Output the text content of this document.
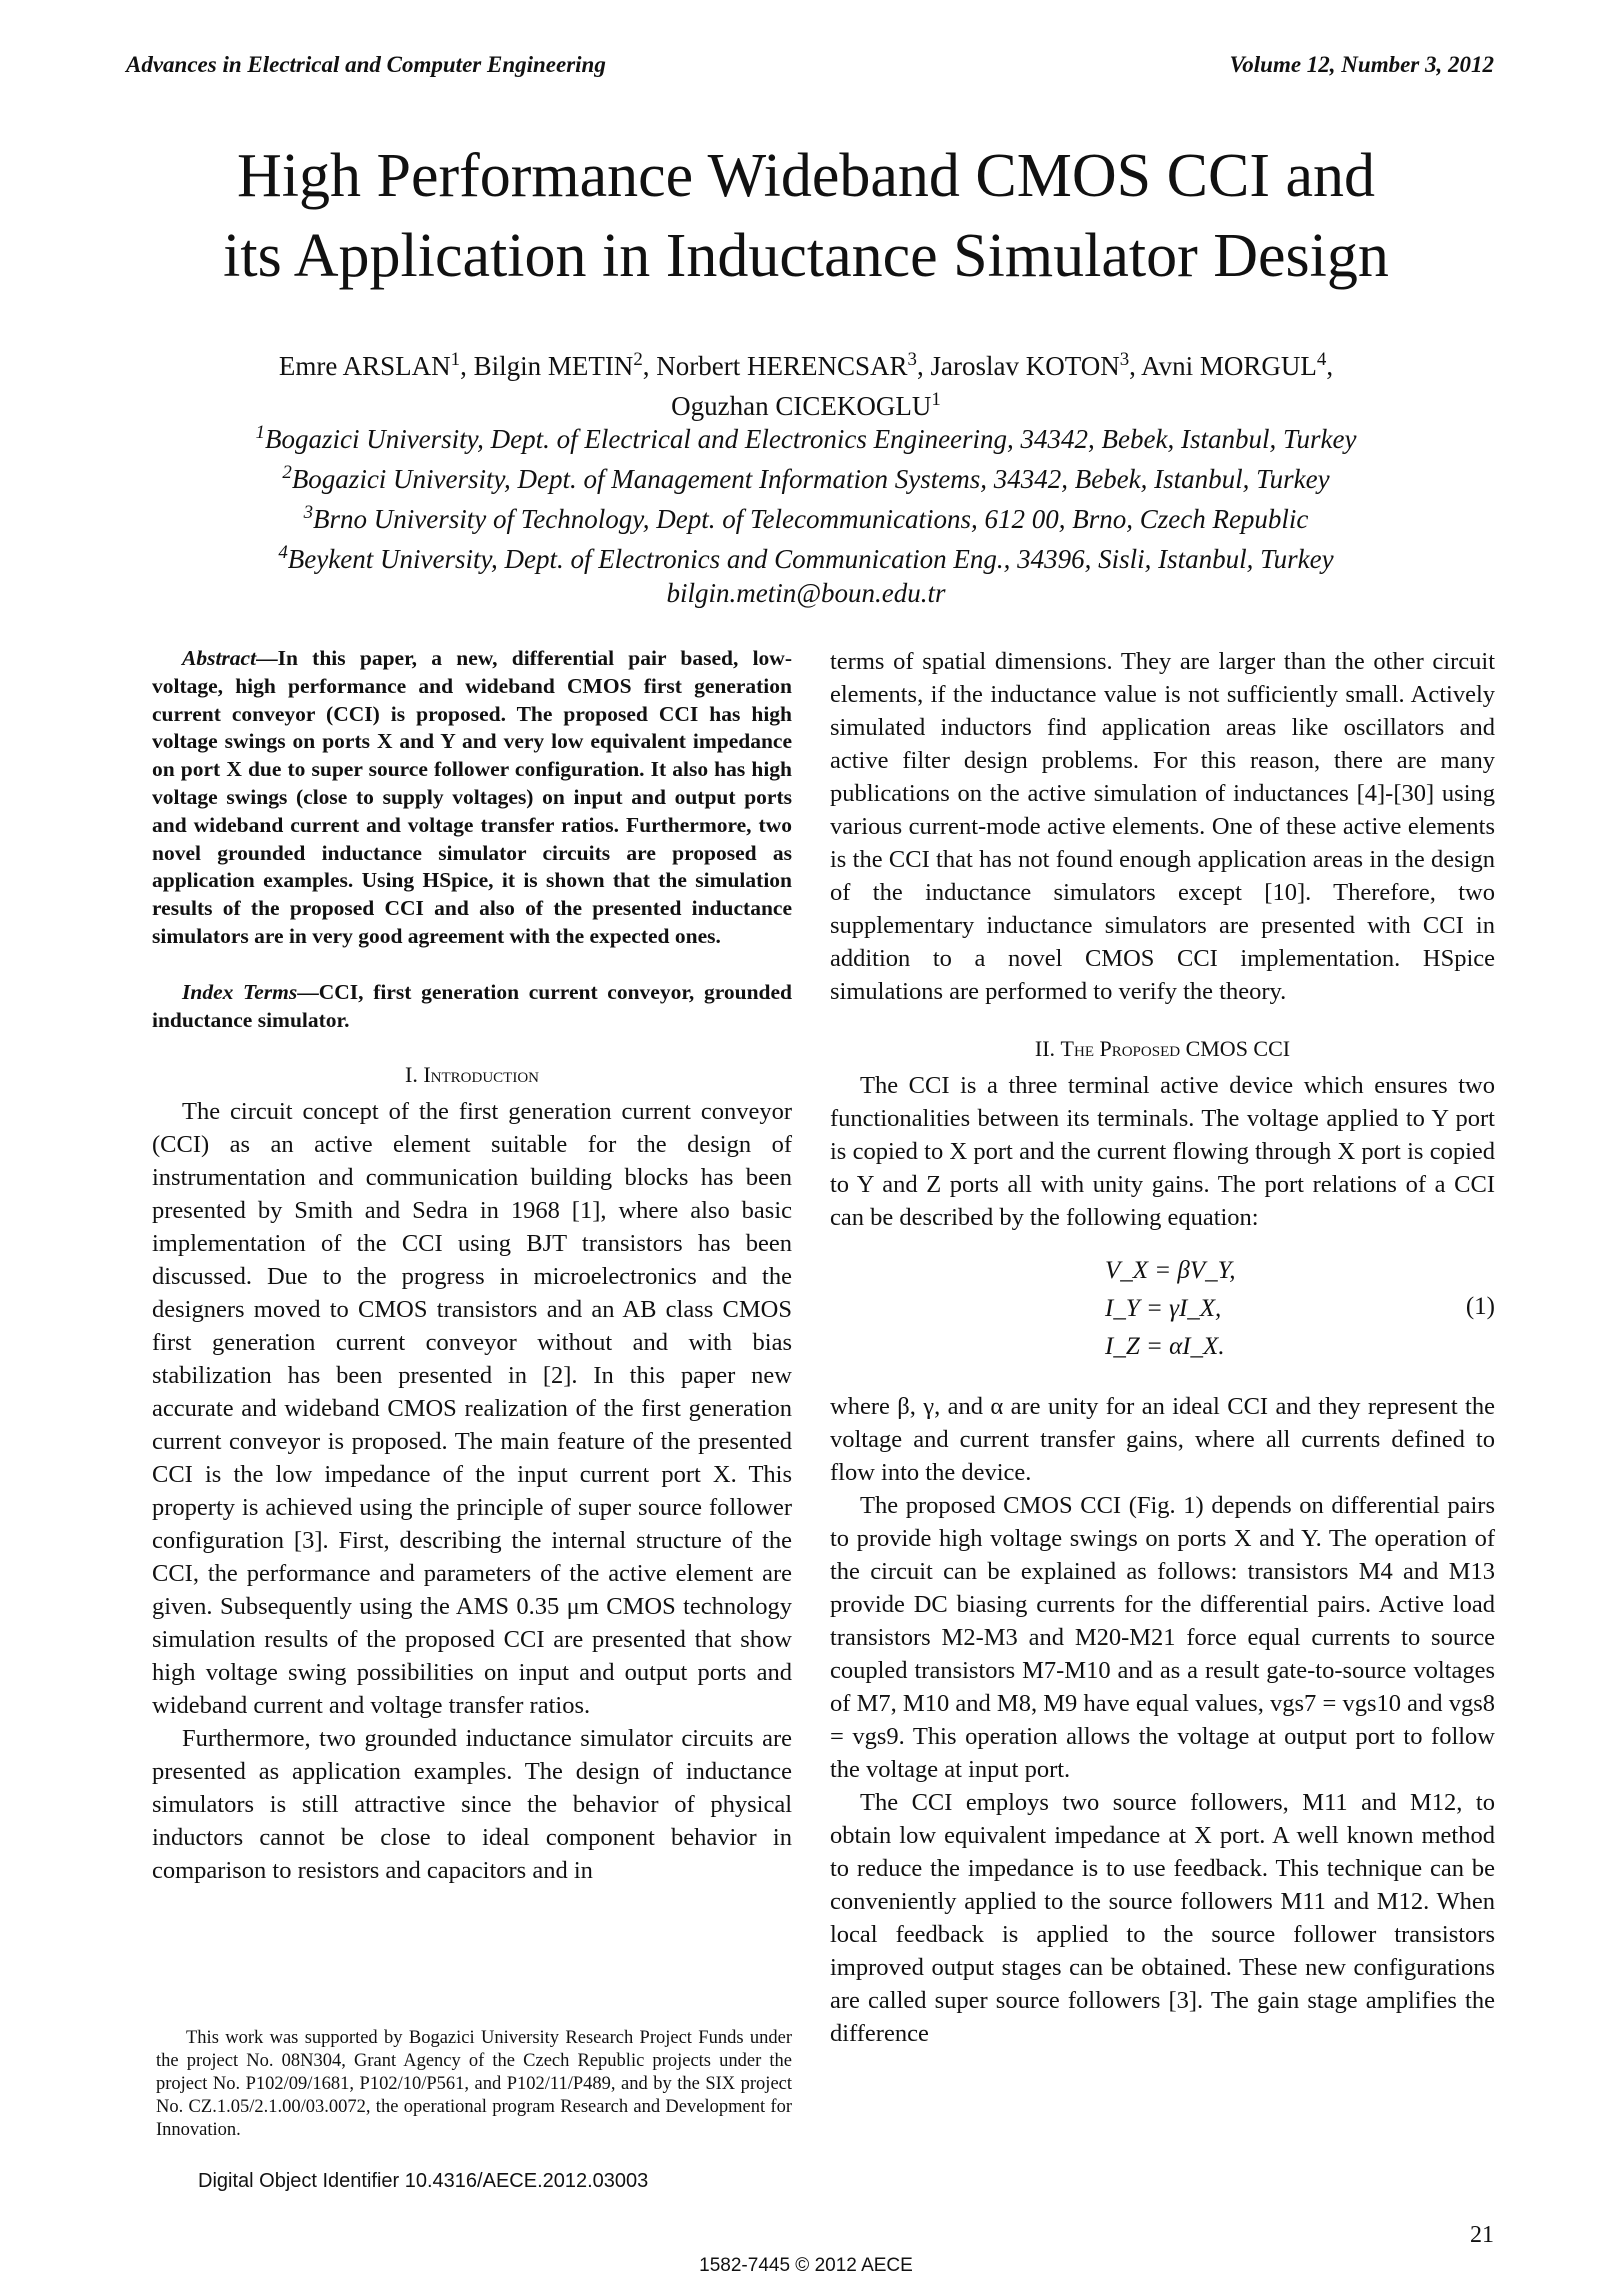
Advances in Electrical and Computer Engineering	Volume 12, Number 3, 2012
High Performance Wideband CMOS CCI and
its Application in Inductance Simulator Design
Emre ARSLAN$^1$, Bilgin METIN$^2$, Norbert HERENCSAR$^3$, Jaroslav KOTON$^3$, Avni MORGUL$^4$,
Oguzhan CICEKOGLU$^1$
$^1$Bogazici University, Dept. of Electrical and Electronics Engineering, 34342, Bebek, Istanbul, Turkey
$^2$Bogazici University, Dept. of Management Information Systems, 34342, Bebek, Istanbul, Turkey
$^3$Brno University of Technology, Dept. of Telecommunications, 612 00, Brno, Czech Republic
$^4$Beykent University, Dept. of Electronics and Communication Eng., 34396, Sisli, Istanbul, Turkey
bilgin.metin@boun.edu.tr

Abstract—In this paper, a new, differential pair based, low-voltage, high performance and wideband CMOS first generation current conveyor (CCI) is proposed. The proposed CCI has high voltage swings on ports X and Y and very low equivalent impedance on port X due to super source follower configuration. It also has high voltage swings (close to supply voltages) on input and output ports and wideband current and voltage transfer ratios. Furthermore, two novel grounded inductance simulator circuits are proposed as application examples. Using HSpice, it is shown that the simulation results of the proposed CCI and also of the presented inductance simulators are in very good agreement with the expected ones.

Index Terms—CCI, first generation current conveyor, grounded inductance simulator.

I. Introduction

The circuit concept of the first generation current conveyor (CCI) as an active element suitable for the design of instrumentation and communication building blocks has been presented by Smith and Sedra in 1968 [1], where also basic implementation of the CCI using BJT transistors has been discussed. Due to the progress in microelectronics and the designers moved to CMOS transistors and an AB class CMOS first generation current conveyor without and with bias stabilization has been presented in [2]. In this paper new accurate and wideband CMOS realization of the first generation current conveyor is proposed. The main feature of the presented CCI is the low impedance of the input current port X. This property is achieved using the principle of super source follower configuration [3]. First, describing the internal structure of the CCI, the performance and parameters of the active element are given. Subsequently using the AMS 0.35 μm CMOS technology simulation results of the proposed CCI are presented that show high voltage swing possibilities on input and output ports and wideband current and voltage transfer ratios.

Furthermore, two grounded inductance simulator circuits are presented as application examples. The design of inductance simulators is still attractive since the behavior of physical inductors cannot be close to ideal component behavior in comparison to resistors and capacitors and in

terms of spatial dimensions. They are larger than the other circuit elements, if the inductance value is not sufficiently small. Actively simulated inductors find application areas like oscillators and active filter design problems. For this reason, there are many publications on the active simulation of inductances [4]-[30] using various current-mode active elements. One of these active elements is the CCI that has not found enough application areas in the design of the inductance simulators except [10]. Therefore, two supplementary inductance simulators are presented with CCI in addition to a novel CMOS CCI implementation. HSpice simulations are performed to verify the theory.

II. The Proposed CMOS CCI

The CCI is a three terminal active device which ensures two functionalities between its terminals. The voltage applied to Y port is copied to X port and the current flowing through X port is copied to Y and Z ports all with unity gains. The port relations of a CCI can be described by the following equation:

V_X = βV_Y,
I_Y = γI_X,
I_Z = αI_X.
(1)

where β, γ, and α are unity for an ideal CCI and they represent the voltage and current transfer gains, where all currents defined to flow into the device.

The proposed CMOS CCI (Fig. 1) depends on differential pairs to provide high voltage swings on ports X and Y. The operation of the circuit can be explained as follows: transistors M4 and M13 provide DC biasing currents for the differential pairs. Active load transistors M2-M3 and M20-M21 force equal currents to source coupled transistors M7-M10 and as a result gate-to-source voltages of M7, M10 and M8, M9 have equal values, vgs7 = vgs10 and vgs8 = vgs9. This operation allows the voltage at output port to follow the voltage at input port.

The CCI employs two source followers, M11 and M12, to obtain low equivalent impedance at X port. A well known method to reduce the impedance is to use feedback. This technique can be conveniently applied to the source followers M11 and M12. When local feedback is applied to the source follower transistors improved output stages can be obtained. These new configurations are called super source followers [3]. The gain stage amplifies the difference

This work was supported by Bogazici University Research Project Funds under the project No. 08N304, Grant Agency of the Czech Republic projects under the project No. P102/09/1681, P102/10/P561, and P102/11/P489, and by the SIX project No. CZ.1.05/2.1.00/03.0072, the operational program Research and Development for Innovation.
Digital Object Identifier 10.4316/AECE.2012.03003
21
1582-7445 © 2012 AECE
